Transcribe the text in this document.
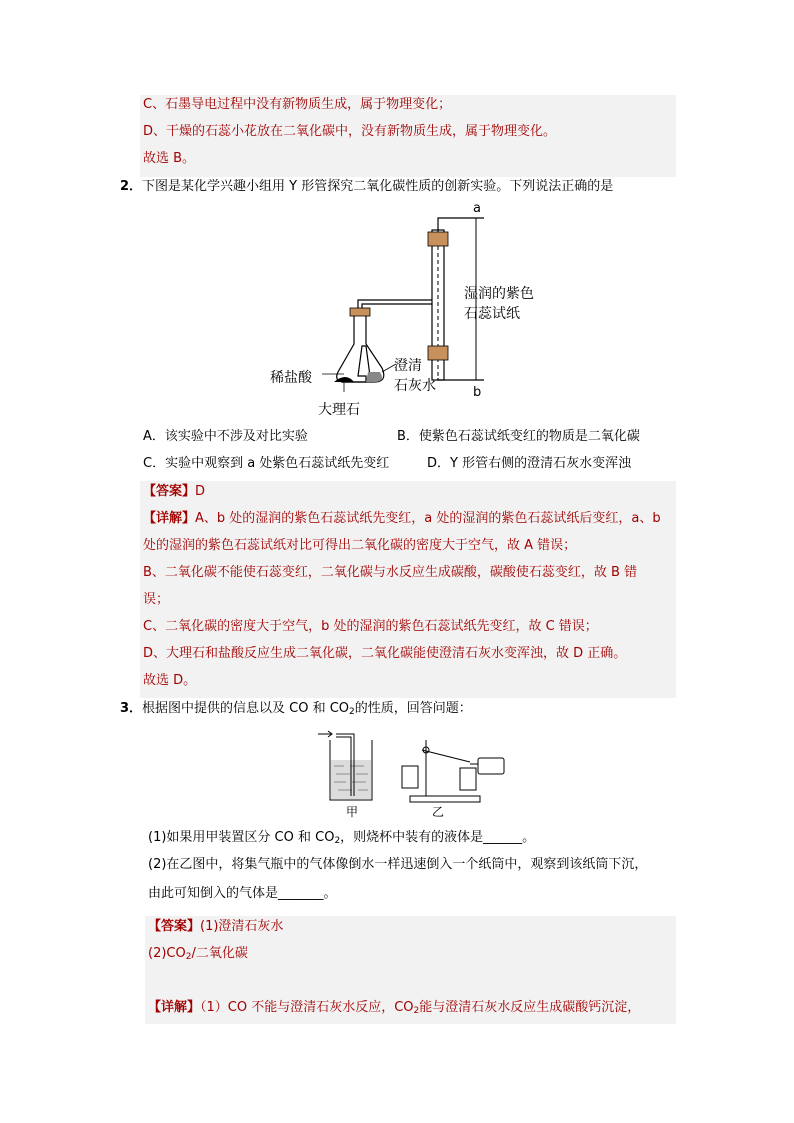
C、石墨导电过程中没有新物质生成，属于物理变化；
D、干燥的石蕊小花放在二氧化碳中，没有新物质生成，属于物理变化。
故选 B。
2． 下图是某化学兴趣小组用 Y 形管探究二氧化碳性质的创新实验。下列说法正确的是
a
b
湿润的紫色
石蕊试纸
稀盐酸
澄清
石灰水
大理石
A．该实验中不涉及对比实验	B．使紫色石蕊试纸变红的物质是二氧化碳
C．实验中观察到 a 处紫色石蕊试纸先变红	D．Y 形管右侧的澄清石灰水变浑浊
【答案】D
【详解】A、b 处的湿润的紫色石蕊试纸先变红，a 处的湿润的紫色石蕊试纸后变红，a、b
处的湿润的紫色石蕊试纸对比可得出二氧化碳的密度大于空气，故 A 错误；
B、二氧化碳不能使石蕊变红，二氧化碳与水反应生成碳酸，碳酸使石蕊变红，故 B 错
误；
C、二氧化碳的密度大于空气，b 处的湿润的紫色石蕊试纸先变红，故 C 错误；
D、大理石和盐酸反应生成二氧化碳，二氧化碳能使澄清石灰水变浑浊，故 D 正确。
故选 D。
3． 根据图中提供的信息以及 CO 和 $CO_2$的性质，回答问题：
甲	乙
(1)如果用甲装置区分 CO 和 $CO_2$，则烧杯中装有的液体是______。
(2)在乙图中，将集气瓶中的气体像倒水一样迅速倒入一个纸筒中，观察到该纸筒下沉，
由此可知倒入的气体是_______。
【答案】(1)澄清石灰水
$(2)CO_2/$二氧化碳
【详解】（1）CO 不能与澄清石灰水反应，$CO_2$能与澄清石灰水反应生成碳酸钙沉淀，
